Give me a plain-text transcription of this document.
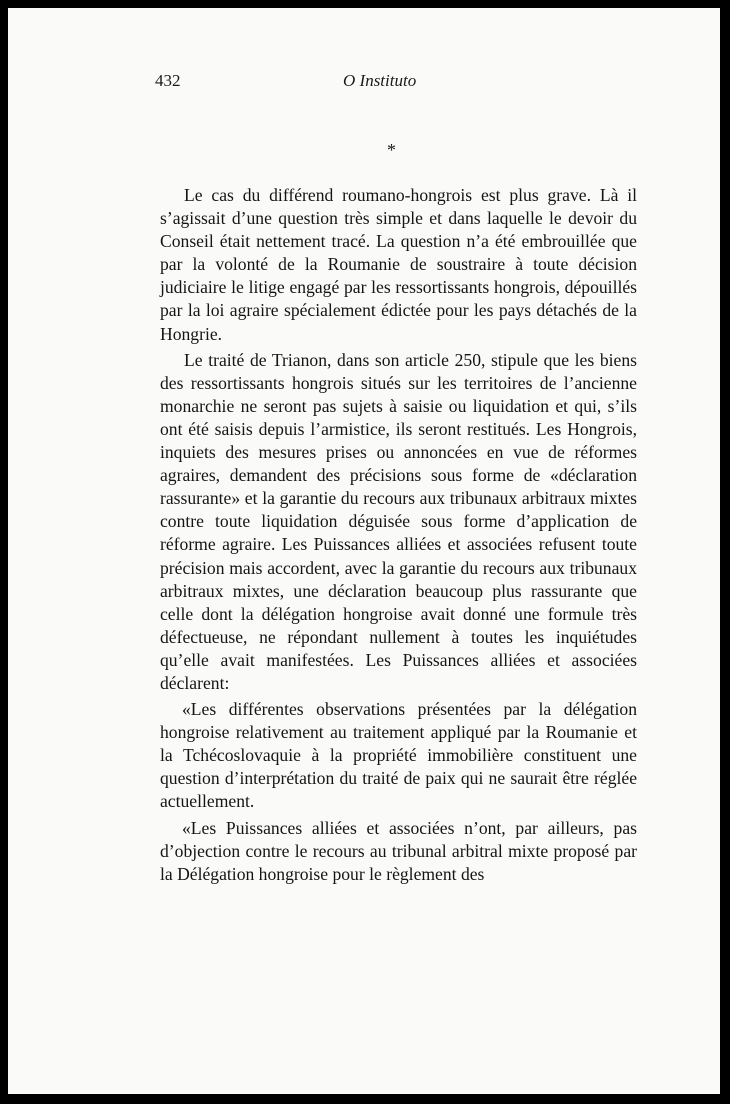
432	O Instituto
*

Le cas du différend roumano-hongrois est plus grave. Là il s’agissait d’une question très simple et dans laquelle le devoir du Conseil était nettement tracé. La question n’a été embrouillée que par la volonté de la Roumanie de soustraire à toute décision judiciaire le litige engagé par les ressortissants hongrois, dépouillés par la loi agraire spécialement édictée pour les pays détachés de la Hongrie.

Le traité de Trianon, dans son article 250, stipule que les biens des ressortissants hongrois situés sur les territoires de l’ancienne monarchie ne seront pas sujets à saisie ou liquidation et qui, s’ils ont été saisis depuis l’armistice, ils seront restitués. Les Hongrois, inquiets des mesures prises ou annoncées en vue de réformes agraires, demandent des précisions sous forme de «déclaration rassurante» et la garantie du recours aux tribunaux arbitraux mixtes contre toute liquidation déguisée sous forme d’application de réforme agraire. Les Puissances alliées et associées refusent toute précision mais accordent, avec la garantie du recours aux tribunaux arbitraux mixtes, une déclaration beaucoup plus rassurante que celle dont la délégation hongroise avait donné une formule très défectueuse, ne répondant nullement à toutes les inquiétudes qu’elle avait manifestées. Les Puissances alliées et associées déclarent:

«Les différentes observations présentées par la délégation hongroise relativement au traitement appliqué par la Roumanie et la Tchécoslovaquie à la propriété immobilière constituent une question d’interprétation du traité de paix qui ne saurait être réglée actuellement.

«Les Puissances alliées et associées n’ont, par ailleurs, pas d’objection contre le recours au tribunal arbitral mixte proposé par la Délégation hongroise pour le règlement des
